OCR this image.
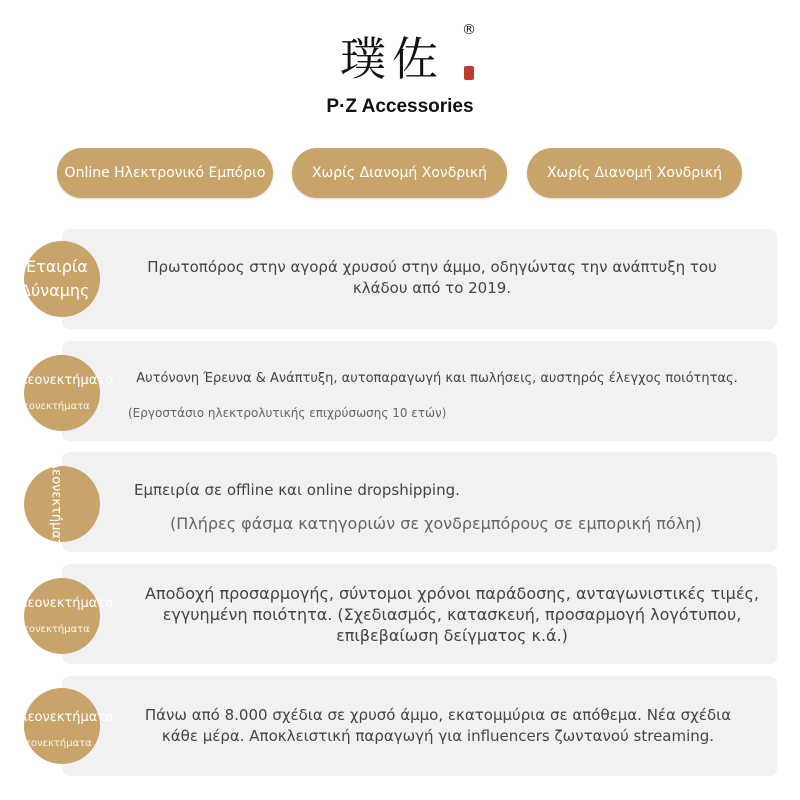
璞佐
®
P·Z Accessories
Online Ηλεκτρονικό Εμπόριο	Χωρίς Διανομή Χονδρική	Χωρίς Διανομή Χονδρική
Εταιρία
Δύναμης
Πρωτοπόρος στην αγορά χρυσού στην άμμο, οδηγώντας την ανάπτυξη του κλάδου από το 2019.
Πλεονεκτήματα
Πλεονεκτήματα
Αυτόνονη Έρευνα & Ανάπτυξη, αυτοπαραγωγή και πωλήσεις, αυστηρός έλεγχος ποιότητας.
(Εργοστάσιο ηλεκτρολυτικής επιχρύσωσης 10 ετών)
Πλεονεκτήματα	Εμπειρία σε offline και online dropshipping.
(Πλήρες φάσμα κατηγοριών σε χονδρεμπόρους σε εμπορική πόλη)
Πλεονεκτήματα
Πλεονεκτήματα
Αποδοχή προσαρμογής, σύντομοι χρόνοι παράδοσης, ανταγωνιστικές τιμές, εγγυημένη ποιότητα. (Σχεδιασμός, κατασκευή, προσαρμογή λογότυπου, επιβεβαίωση δείγματος κ.ά.)
Πλεονεκτήματα
Πλεονεκτήματα
Πάνω από 8.000 σχέδια σε χρυσό άμμο, εκατομμύρια σε απόθεμα. Νέα σχέδια κάθε μέρα. Αποκλειστική παραγωγή για influencers ζωντανού streaming.
